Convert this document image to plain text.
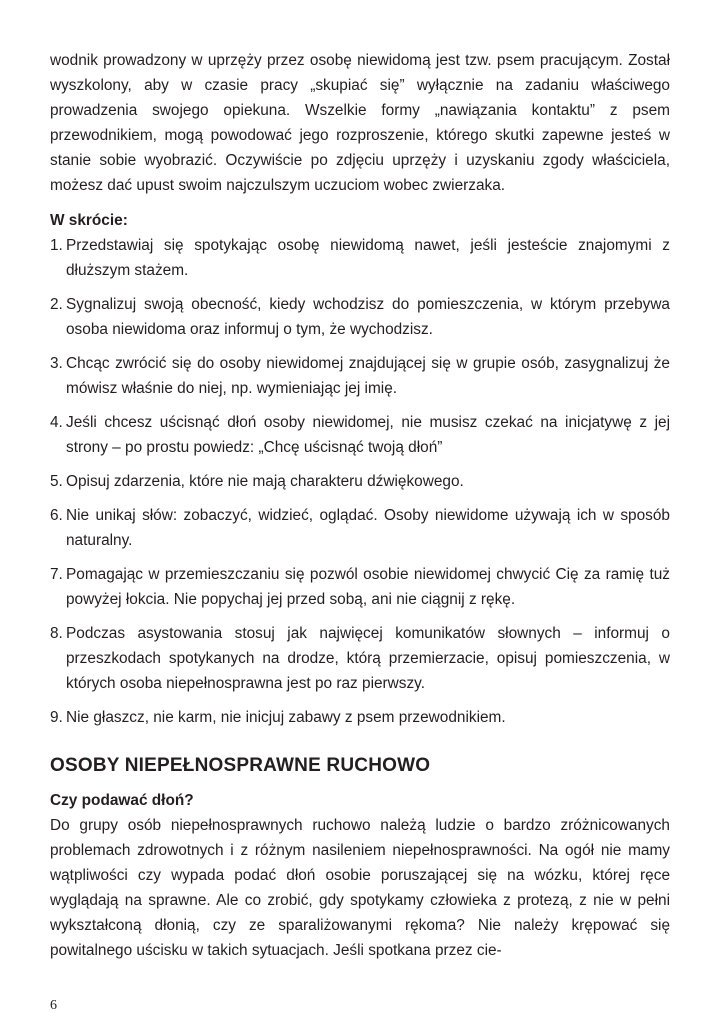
wodnik prowadzony w uprzęży przez osobę niewidomą jest tzw. psem pracującym. Został wyszkolony, aby w czasie pracy „skupiać się” wyłącznie na zadaniu właściwego prowadzenia swojego opiekuna. Wszelkie formy „nawiązania kontaktu” z psem przewodnikiem, mogą powodować jego rozproszenie, którego skutki zapewne jesteś w stanie sobie wyobrazić. Oczywiście po zdjęciu uprzęży i uzyskaniu zgody właściciela, możesz dać upust swoim najczulszym uczuciom wobec zwierzaka.

W skrócie:
1. Przedstawiaj się spotykając osobę niewidomą nawet, jeśli jesteście znajomymi z dłuższym stażem.
2. Sygnalizuj swoją obecność, kiedy wchodzisz do pomieszczenia, w którym przebywa osoba niewidoma oraz informuj o tym, że wychodzisz.
3. Chcąc zwrócić się do osoby niewidomej znajdującej się w grupie osób, zasygnalizuj że mówisz właśnie do niej, np. wymieniając jej imię.
4. Jeśli chcesz uścisnąć dłoń osoby niewidomej, nie musisz czekać na inicjatywę z jej strony – po prostu powiedz: „Chcę uścisnąć twoją dłoń”
5. Opisuj zdarzenia, które nie mają charakteru dźwiękowego.
6. Nie unikaj słów: zobaczyć, widzieć, oglądać. Osoby niewidome używają ich w sposób naturalny.
7. Pomagając w przemieszczaniu się pozwól osobie niewidomej chwycić Cię za ramię tuż powyżej łokcia. Nie popychaj jej przed sobą, ani nie ciągnij z rękę.
8. Podczas asystowania stosuj jak najwięcej komunikatów słownych – informuj o przeszkodach spotykanych na drodze, którą przemierzacie, opisuj pomieszczenia, w których osoba niepełnosprawna jest po raz pierwszy.
9. Nie głaszcz, nie karm, nie inicjuj zabawy z psem przewodnikiem.
OSOBY NIEPEŁNOSPRAWNE RUCHOWO
Czy podawać dłoń?

Do grupy osób niepełnosprawnych ruchowo należą ludzie o bardzo zróżnicowanych problemach zdrowotnych i z różnym nasileniem niepełnosprawności. Na ogół nie mamy wątpliwości czy wypada podać dłoń osobie poruszającej się na wózku, której ręce wyglądają na sprawne. Ale co zrobić, gdy spotykamy człowieka z protezą, z nie w pełni wykształconą dłonią, czy ze sparaliżowanymi rękoma? Nie należy krępować się powitalnego uścisku w takich sytuacjach. Jeśli spotkana przez cie-

6
